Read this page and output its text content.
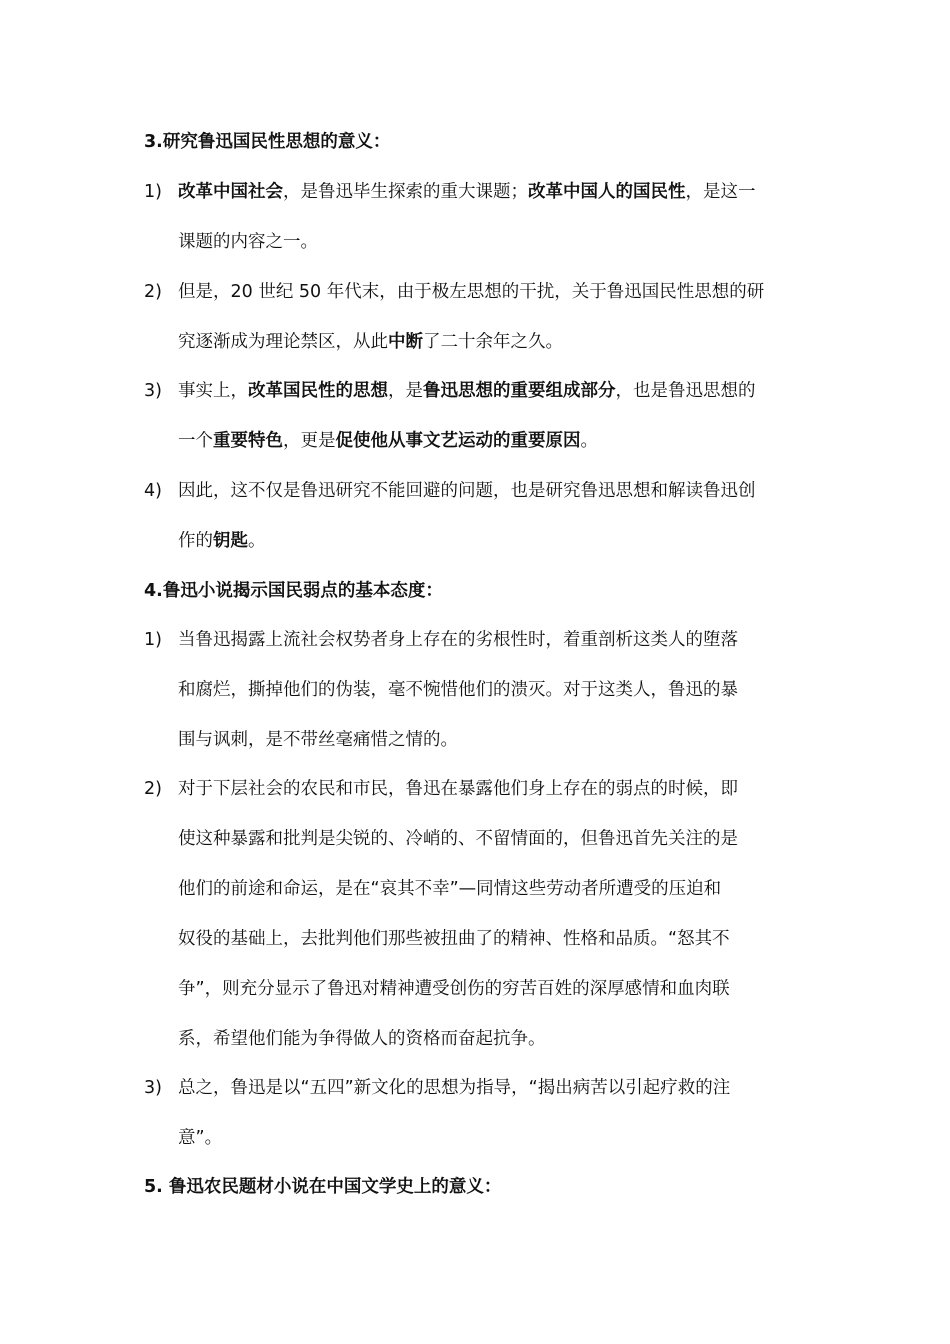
3.研究鲁迅国民性思想的意义：
1) 改革中国社会，是鲁迅毕生探索的重大课题；改革中国人的国民性，是这一
课题的内容之一。
2) 但是，20 世纪 50 年代末，由于极左思想的干扰，关于鲁迅国民性思想的研
究逐渐成为理论禁区，从此中断了二十余年之久。
3) 事实上，改革国民性的思想，是鲁迅思想的重要组成部分，也是鲁迅思想的
一个重要特色，更是促使他从事文艺运动的重要原因。
4) 因此，这不仅是鲁迅研究不能回避的问题，也是研究鲁迅思想和解读鲁迅创
作的钥匙。
4.鲁迅小说揭示国民弱点的基本态度：
1) 当鲁迅揭露上流社会权势者身上存在的劣根性时，着重剖析这类人的堕落
和腐烂，撕掉他们的伪装，毫不惋惜他们的溃灭。对于这类人，鲁迅的暴
围与讽刺，是不带丝毫痛惜之情的。
2) 对于下层社会的农民和市民，鲁迅在暴露他们身上存在的弱点的时候，即
使这种暴露和批判是尖锐的、冷峭的、不留情面的，但鲁迅首先关注的是
他们的前途和命运，是在“哀其不幸”—同情这些劳动者所遭受的压迫和
奴役的基础上，去批判他们那些被扭曲了的精神、性格和品质。“怒其不
争”，则充分显示了鲁迅对精神遭受创伤的穷苦百姓的深厚感情和血肉联
系，希望他们能为争得做人的资格而奋起抗争。
3) 总之，鲁迅是以“五四”新文化的思想为指导，“揭出病苦以引起疗救的注
意”。
5. 鲁迅农民题材小说在中国文学史上的意义：
